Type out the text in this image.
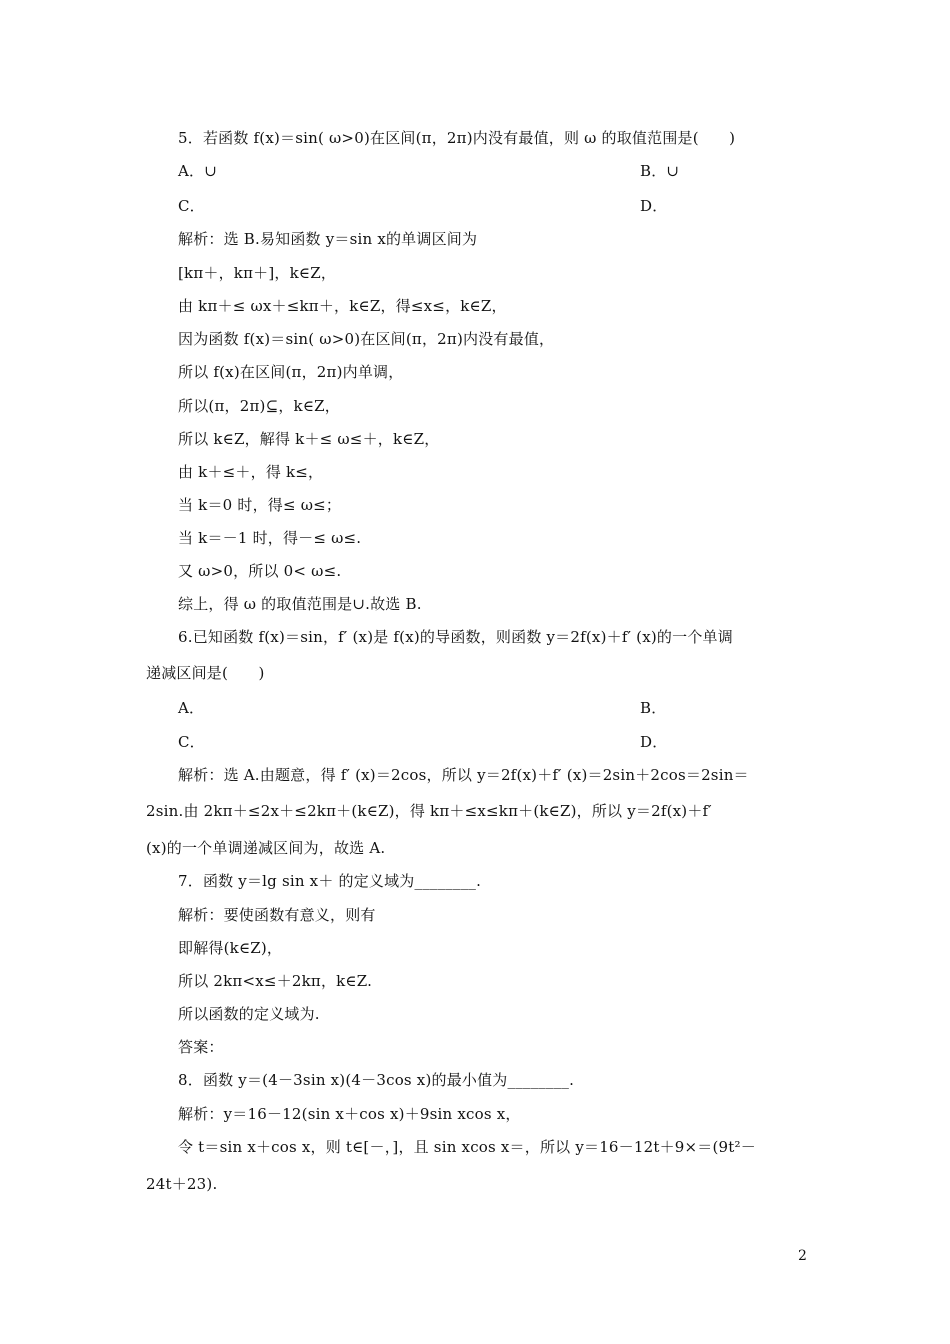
5．若函数 f(x)＝sin( ω>0)在区间(π，2π)内没有最值，则 ω 的取值范围是(　　)
A．∪
C．
解析：选 B.易知函数 y＝sin x的单调区间为
[kπ＋，kπ＋]，k∈Z，
由 kπ＋≤ ωx＋≤kπ＋，k∈Z，得≤x≤，k∈Z，
因为函数 f(x)＝sin( ω>0)在区间(π，2π)内没有最值，
所以 f(x)在区间(π，2π)内单调，
所以(π，2π)⊆，k∈Z，
所以 k∈Z，解得 k＋≤ ω≤＋，k∈Z，
由 k＋≤＋，得 k≤，
当 k＝0 时，得≤ ω≤；
当 k＝－1 时，得－≤ ω≤.
又 ω>0，所以 0< ω≤.
综上，得 ω 的取值范围是∪.故选 B.
6.已知函数 f(x)＝sin，f′ (x)是 f(x)的导函数，则函数 y＝2f(x)＋f′ (x)的一个单调
递减区间是(　　)
A．
C．
解析：选 A.由题意，得 f′ (x)＝2cos，所以 y＝2f(x)＋f′ (x)＝2sin＋2cos＝2sin＝
2sin.由 2kπ＋≤2x＋≤2kπ＋(k∈Z)，得 kπ＋≤x≤kπ＋(k∈Z)，所以 y＝2f(x)＋f′
(x)的一个单调递减区间为，故选 A.
7．函数 y＝lg sin x＋ 的定义域为________.
解析：要使函数有意义，则有
即解得(k∈Z)，
所以 2kπ<x≤＋2kπ，k∈Z.
所以函数的定义域为.
答案：
8．函数 y＝(4－3sin x)(4－3cos x)的最小值为________.
解析：y＝16－12(sin x＋cos x)＋9sin xcos x，
令 t＝sin x＋cos x，则 t∈[－，]，且 sin xcos x＝，所以 y＝16－12t＋9×＝(9t²－
24t＋23).
B．∪
D．
B．
D．
2
